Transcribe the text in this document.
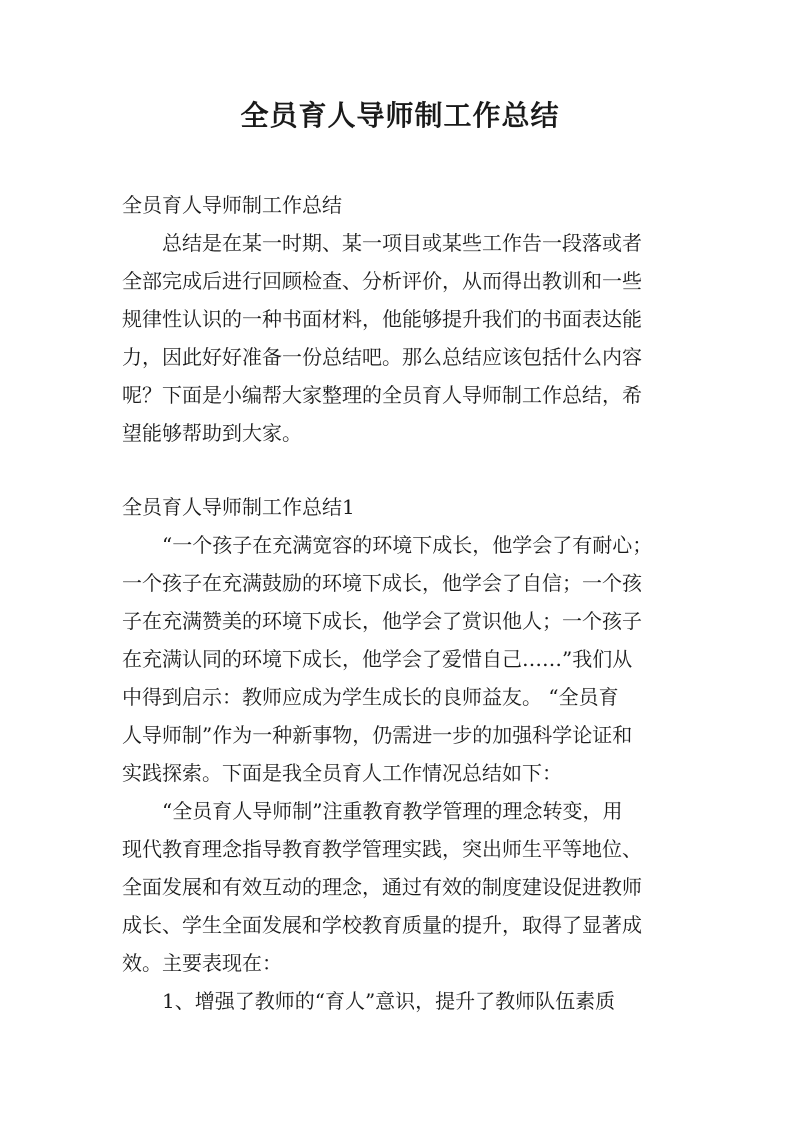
全员育人导师制工作总结

全员育人导师制工作总结

总结是在某一时期、某一项目或某些工作告一段落或者

全部完成后进行回顾检查、分析评价，从而得出教训和一些

规律性认识的一种书面材料，他能够提升我们的书面表达能

力，因此好好准备一份总结吧。那么总结应该包括什么内容

呢？下面是小编帮大家整理的全员育人导师制工作总结，希

望能够帮助到大家。

全员育人导师制工作总结1

“一个孩子在充满宽容的环境下成长，他学会了有耐心；

一个孩子在充满鼓励的环境下成长，他学会了自信；一个孩

子在充满赞美的环境下成长，他学会了赏识他人；一个孩子

在充满认同的环境下成长，他学会了爱惜自己……”我们从

中得到启示：教师应成为学生成长的良师益友。 “全员育

人导师制”作为一种新事物，仍需进一步的加强科学论证和

实践探索。下面是我全员育人工作情况总结如下：

“全员育人导师制”注重教育教学管理的理念转变，用

现代教育理念指导教育教学管理实践，突出师生平等地位、

全面发展和有效互动的理念，通过有效的制度建设促进教师

成长、学生全面发展和学校教育质量的提升，取得了显著成

效。主要表现在：

1、增强了教师的“育人”意识，提升了教师队伍素质
